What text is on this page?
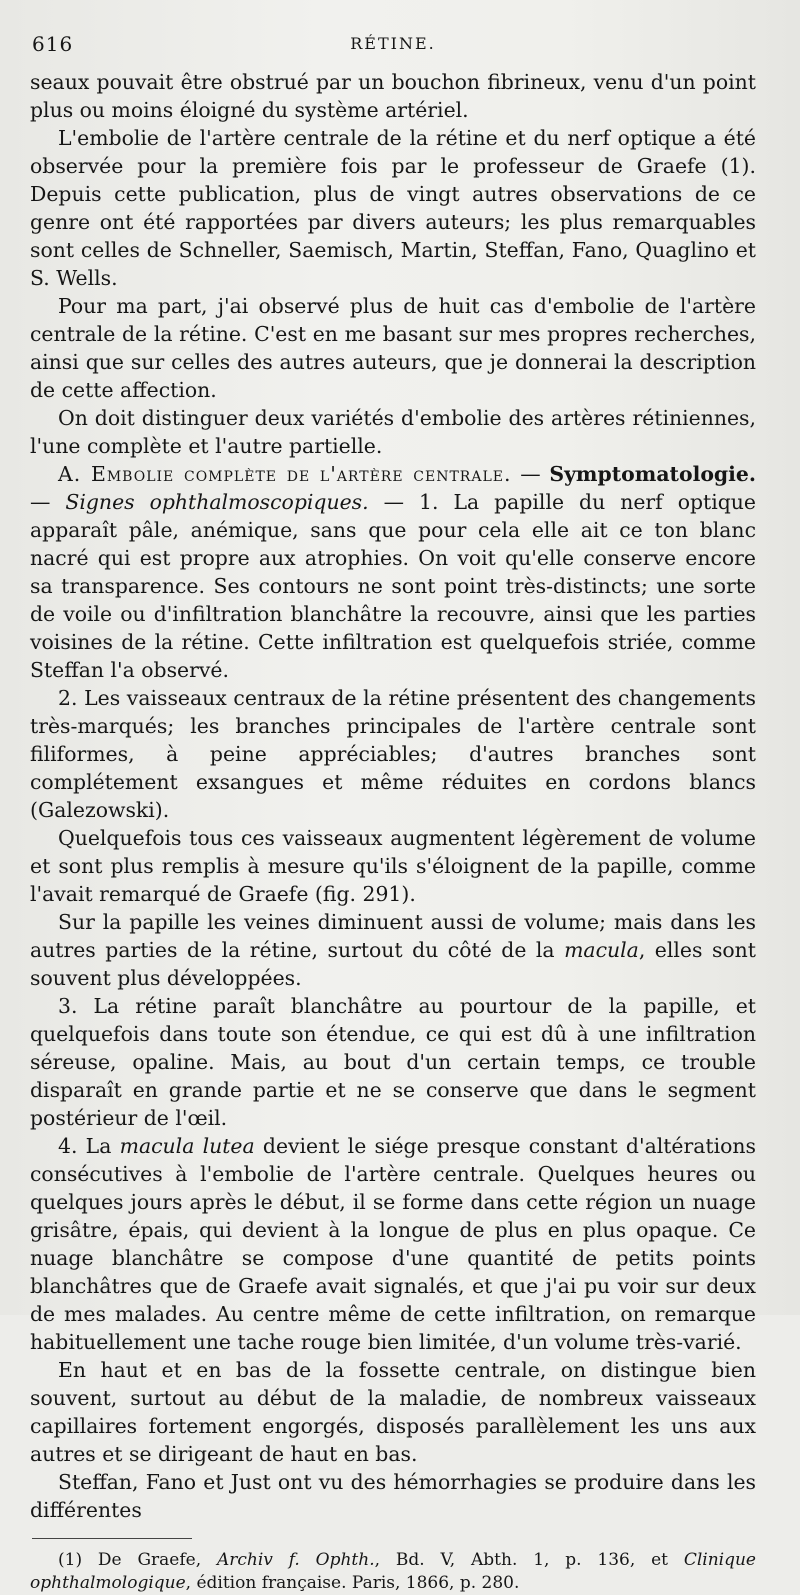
616	RÉTINE.

seaux pouvait être obstrué par un bouchon fibrineux, venu d'un point plus ou moins éloigné du système artériel.

L'embolie de l'artère centrale de la rétine et du nerf optique a été observée pour la première fois par le professeur de Graefe (1). Depuis cette publication, plus de vingt autres observations de ce genre ont été rapportées par divers auteurs; les plus remarquables sont celles de Schneller, Saemisch, Martin, Steffan, Fano, Quaglino et S. Wells.

Pour ma part, j'ai observé plus de huit cas d'embolie de l'artère centrale de la rétine. C'est en me basant sur mes propres recherches, ainsi que sur celles des autres auteurs, que je donnerai la description de cette affection.

On doit distinguer deux variétés d'embolie des artères rétiniennes, l'une complète et l'autre partielle.

A. Embolie complète de l'artère centrale. — Symptomatologie. — Signes ophthalmoscopiques. — 1. La papille du nerf optique apparaît pâle, anémique, sans que pour cela elle ait ce ton blanc nacré qui est propre aux atrophies. On voit qu'elle conserve encore sa transparence. Ses contours ne sont point très-distincts; une sorte de voile ou d'infiltration blanchâtre la recouvre, ainsi que les parties voisines de la rétine. Cette infiltration est quelquefois striée, comme Steffan l'a observé.

2. Les vaisseaux centraux de la rétine présentent des changements très-marqués; les branches principales de l'artère centrale sont filiformes, à peine appréciables; d'autres branches sont complétement exsangues et même réduites en cordons blancs (Galezowski).

Quelquefois tous ces vaisseaux augmentent légèrement de volume et sont plus remplis à mesure qu'ils s'éloignent de la papille, comme l'avait remarqué de Graefe (fig. 291).

Sur la papille les veines diminuent aussi de volume; mais dans les autres parties de la rétine, surtout du côté de la macula, elles sont souvent plus développées.

3. La rétine paraît blanchâtre au pourtour de la papille, et quelquefois dans toute son étendue, ce qui est dû à une infiltration séreuse, opaline. Mais, au bout d'un certain temps, ce trouble disparaît en grande partie et ne se conserve que dans le segment postérieur de l'œil.

4. La macula lutea devient le siége presque constant d'altérations consécutives à l'embolie de l'artère centrale. Quelques heures ou quelques jours après le début, il se forme dans cette région un nuage grisâtre, épais, qui devient à la longue de plus en plus opaque. Ce nuage blanchâtre se compose d'une quantité de petits points blanchâtres que de Graefe avait signalés, et que j'ai pu voir sur deux de mes malades. Au centre même de cette infiltration, on remarque habituellement une tache rouge bien limitée, d'un volume très-varié.

En haut et en bas de la fossette centrale, on distingue bien souvent, surtout au début de la maladie, de nombreux vaisseaux capillaires fortement engorgés, disposés parallèlement les uns aux autres et se dirigeant de haut en bas.

Steffan, Fano et Just ont vu des hémorrhagies se produire dans les différentes

(1) De Graefe, Archiv f. Ophth., Bd. V, Abth. 1, p. 136, et Clinique ophthalmologique, édition française. Paris, 1866, p. 280.
